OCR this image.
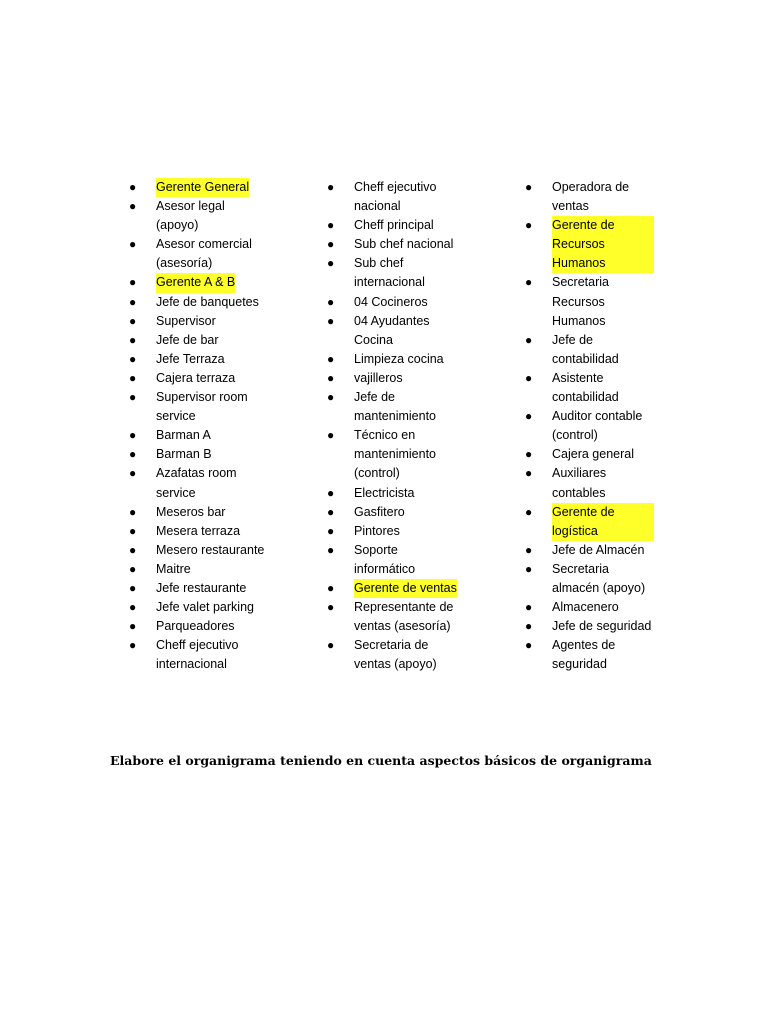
● Gerente General
● Asesor legal (apoyo)
● Asesor comercial (asesoría)
● Gerente A & B
● Jefe de banquetes
● Supervisor
● Jefe de bar
● Jefe Terraza
● Cajera terraza
● Supervisor room service
● Barman A
● Barman B
● Azafatas room service
● Meseros bar
● Mesera terraza
● Mesero restaurante
● Maitre
● Jefe restaurante
● Jefe valet parking
● Parqueadores
● Cheff ejecutivo internacional
● Cheff ejecutivo nacional
● Cheff principal
● Sub chef nacional
● Sub chef internacional
● 04 Cocineros
● 04 Ayudantes Cocina
● Limpieza cocina
● vajilleros
● Jefe de mantenimiento
● Técnico en mantenimiento (control)
● Electricista
● Gasfitero
● Pintores
● Soporte informático
● Gerente de ventas
● Representante de ventas (asesoría)
● Secretaria de ventas (apoyo)
● Operadora de ventas
● Gerente de Recursos Humanos
● Secretaria Recursos Humanos
● Jefe de contabilidad
● Asistente contabilidad
● Auditor contable (control)
● Cajera general
● Auxiliares contables
● Gerente de logística
● Jefe de Almacén
● Secretaria almacén (apoyo)
● Almacenero
● Jefe de seguridad
● Agentes de seguridad

Elabore el organigrama teniendo en cuenta aspectos básicos de organigrama
